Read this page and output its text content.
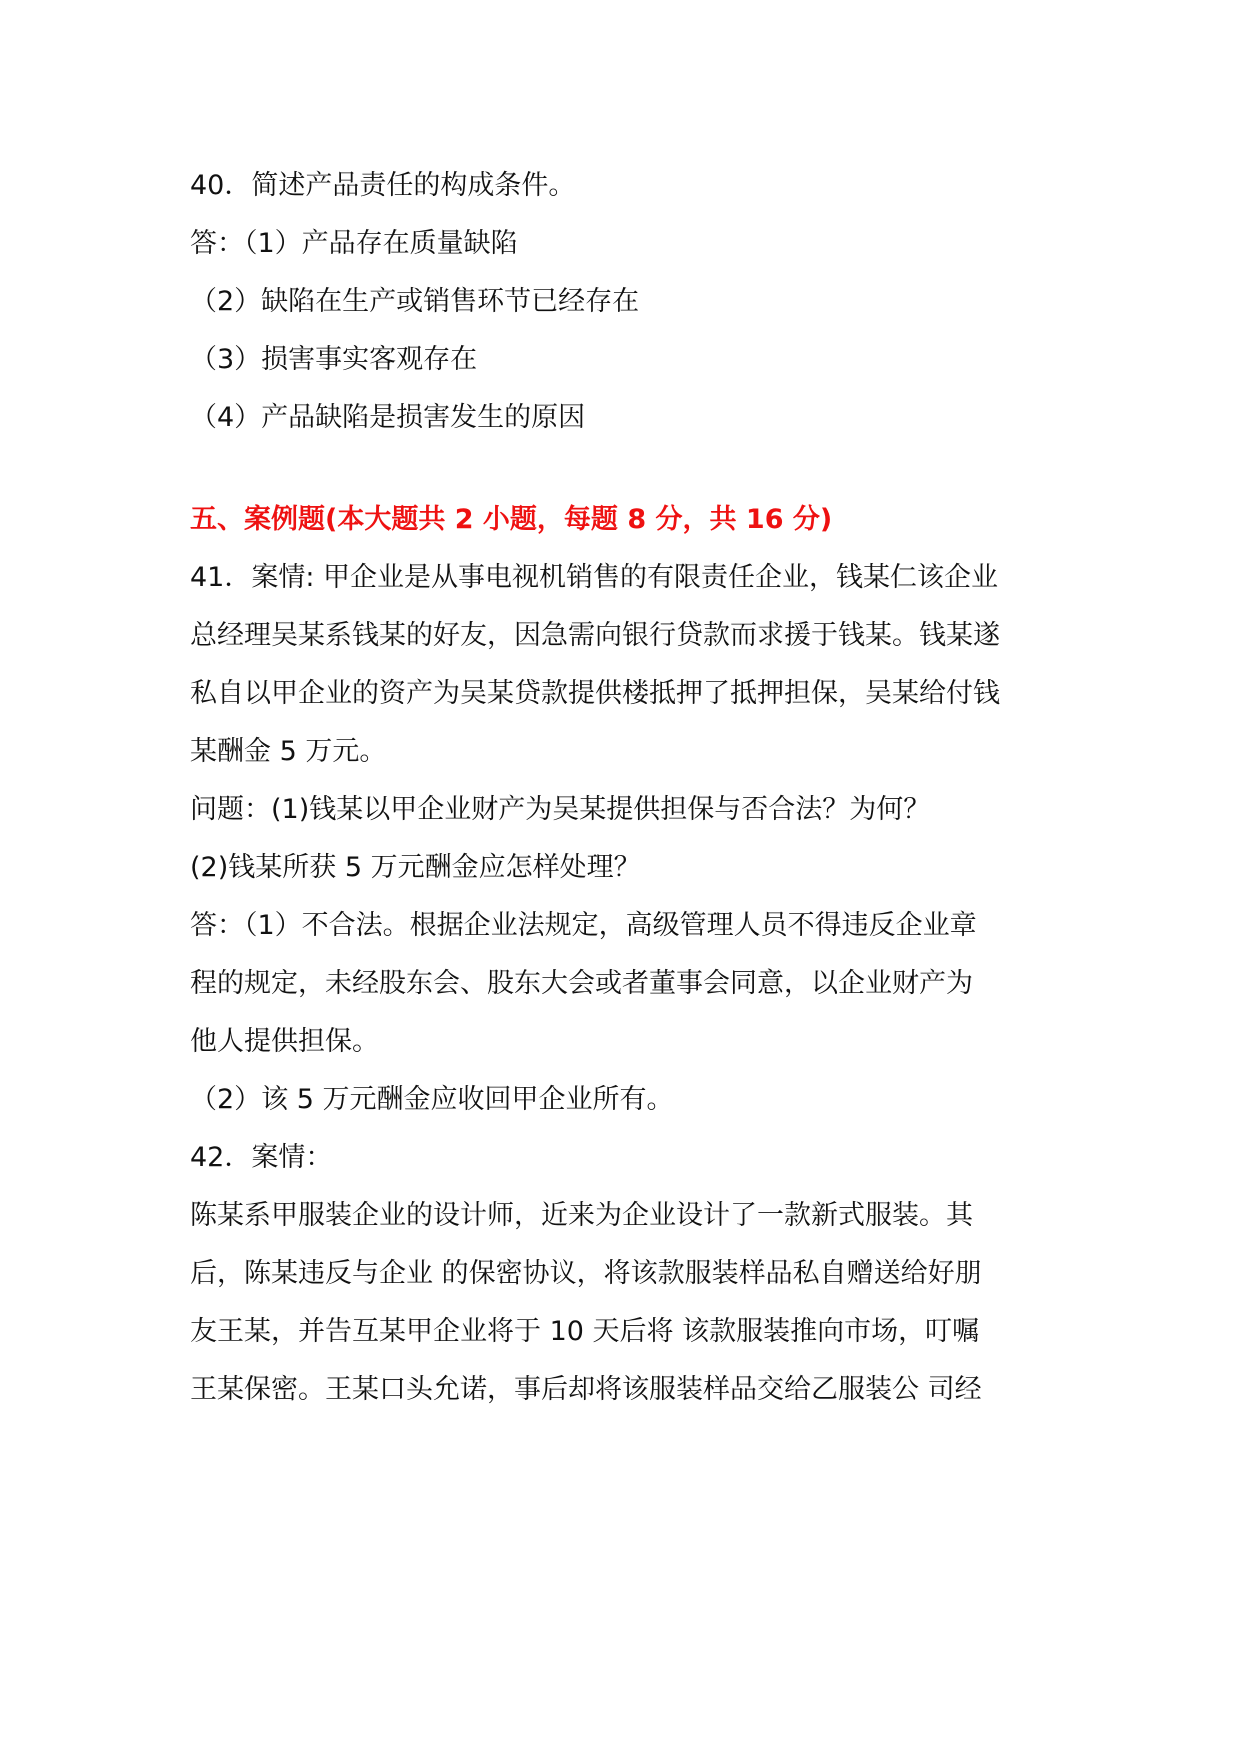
40．简述产品责任的构成条件。
答：（1）产品存在质量缺陷
（2）缺陷在生产或销售环节已经存在
（3）损害事实客观存在
（4）产品缺陷是损害发生的原因
五、案例题(本大题共 2 小题，每题 8 分，共 16 分)
41．案情: 甲企业是从事电视机销售的有限责任企业，钱某仁该企业
总经理吴某系钱某的好友，因急需向银行贷款而求援于钱某。钱某遂
私自以甲企业的资产为吴某贷款提供楼抵押了抵押担保，吴某给付钱
某酬金 5 万元。
问题：(1)钱某以甲企业财产为吴某提供担保与否合法？为何？
(2)钱某所获 5 万元酬金应怎样处理？
答：（1）不合法。根据企业法规定，高级管理人员不得违反企业章
程的规定，未经股东会、股东大会或者董事会同意，以企业财产为
他人提供担保。
（2）该 5 万元酬金应收回甲企业所有。
42．案情：
陈某系甲服装企业的设计师，近来为企业设计了一款新式服装。其
后，陈某违反与企业 的保密协议，将该款服装样品私自赠送给好朋
友王某，并告互某甲企业将于 10 天后将 该款服装推向市场，叮嘱
王某保密。王某口头允诺，事后却将该服装样品交给乙服装公 司经
